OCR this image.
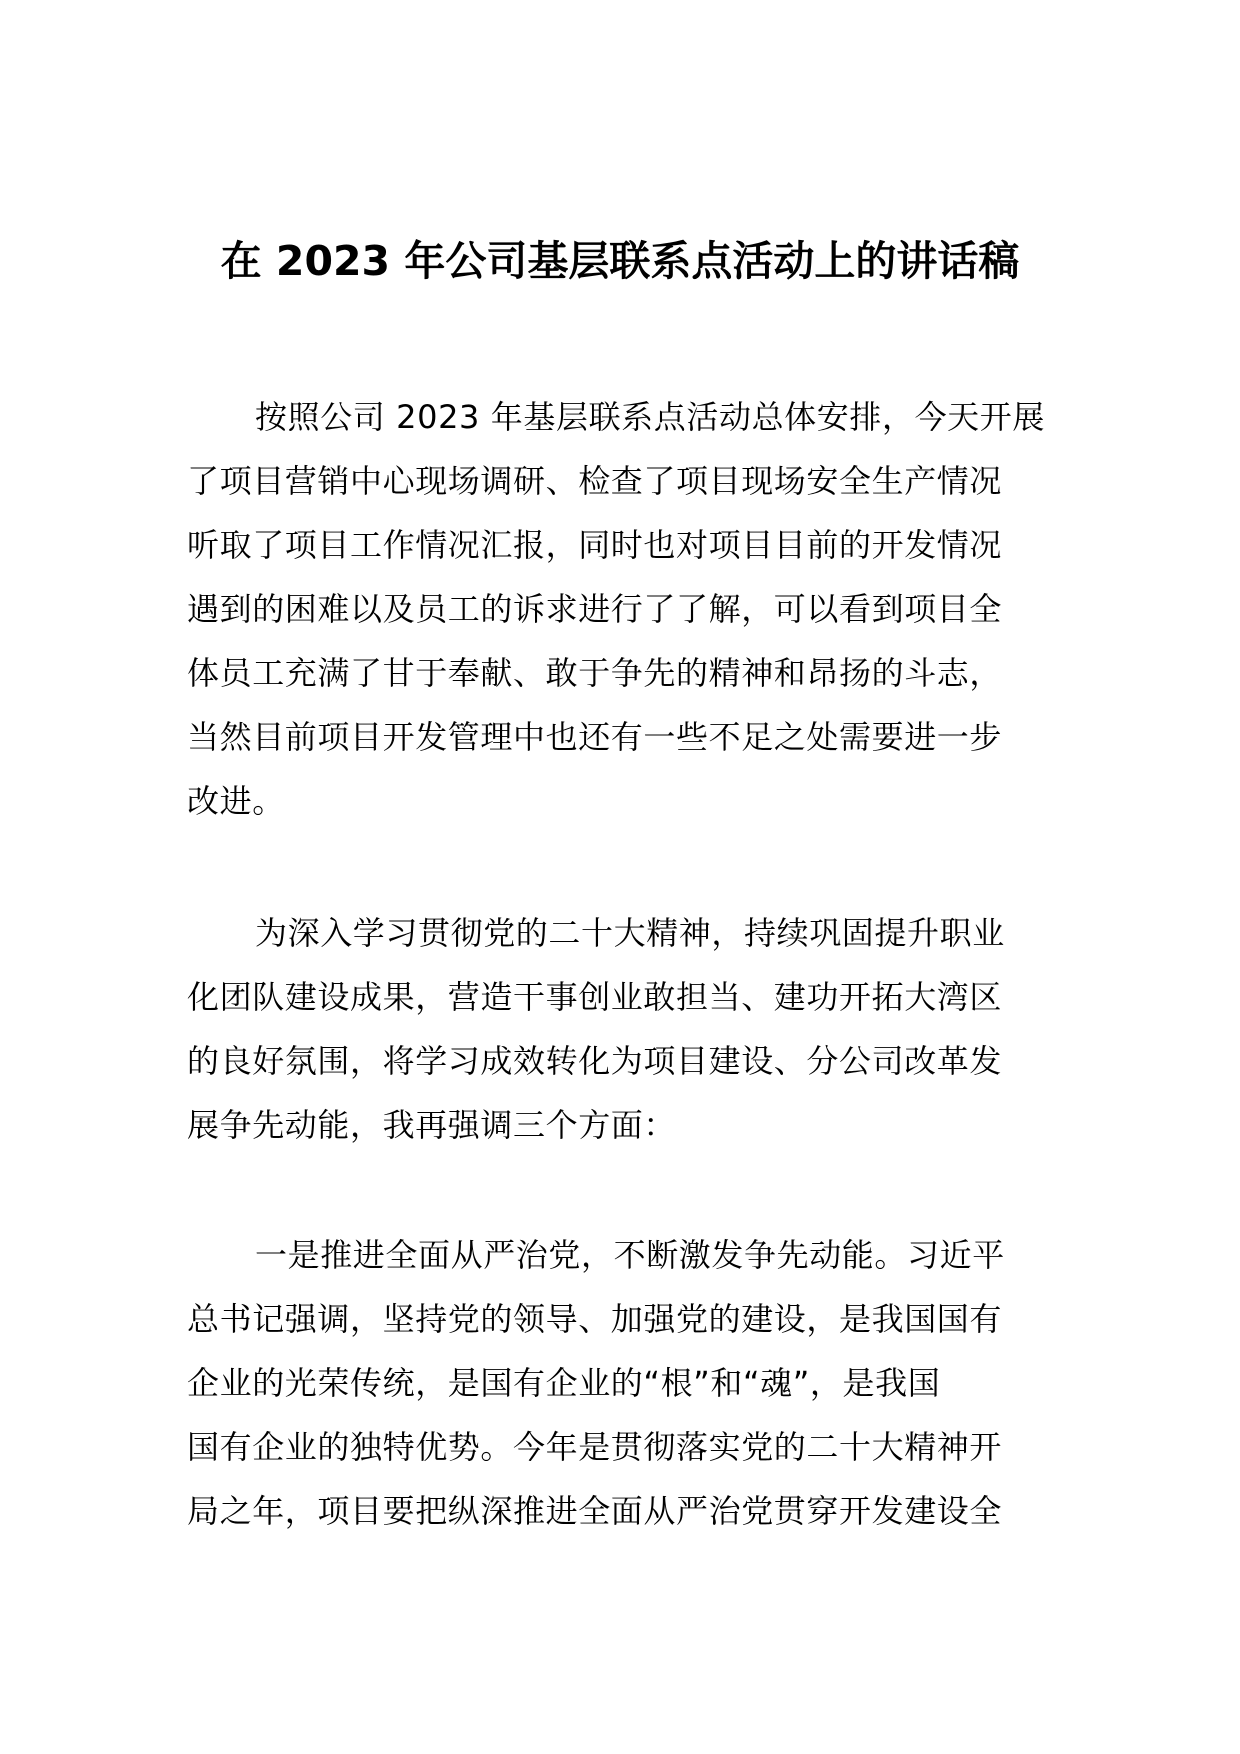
在 2023 年公司基层联系点活动上的讲话稿
按照公司 2023 年基层联系点活动总体安排，今天开展
了项目营销中心现场调研、检查了项目现场安全生产情况
听取了项目工作情况汇报，同时也对项目目前的开发情况
遇到的困难以及员工的诉求进行了了解，可以看到项目全
体员工充满了甘于奉献、敢于争先的精神和昂扬的斗志，
当然目前项目开发管理中也还有一些不足之处需要进一步
改进。
为深入学习贯彻党的二十大精神，持续巩固提升职业
化团队建设成果，营造干事创业敢担当、建功开拓大湾区
的良好氛围，将学习成效转化为项目建设、分公司改革发
展争先动能，我再强调三个方面：
一是推进全面从严治党，不断激发争先动能。习近平
总书记强调，坚持党的领导、加强党的建设，是我国国有
企业的光荣传统，是国有企业的“根”和“魂”，是我国
国有企业的独特优势。今年是贯彻落实党的二十大精神开
局之年，项目要把纵深推进全面从严治党贯穿开发建设全
